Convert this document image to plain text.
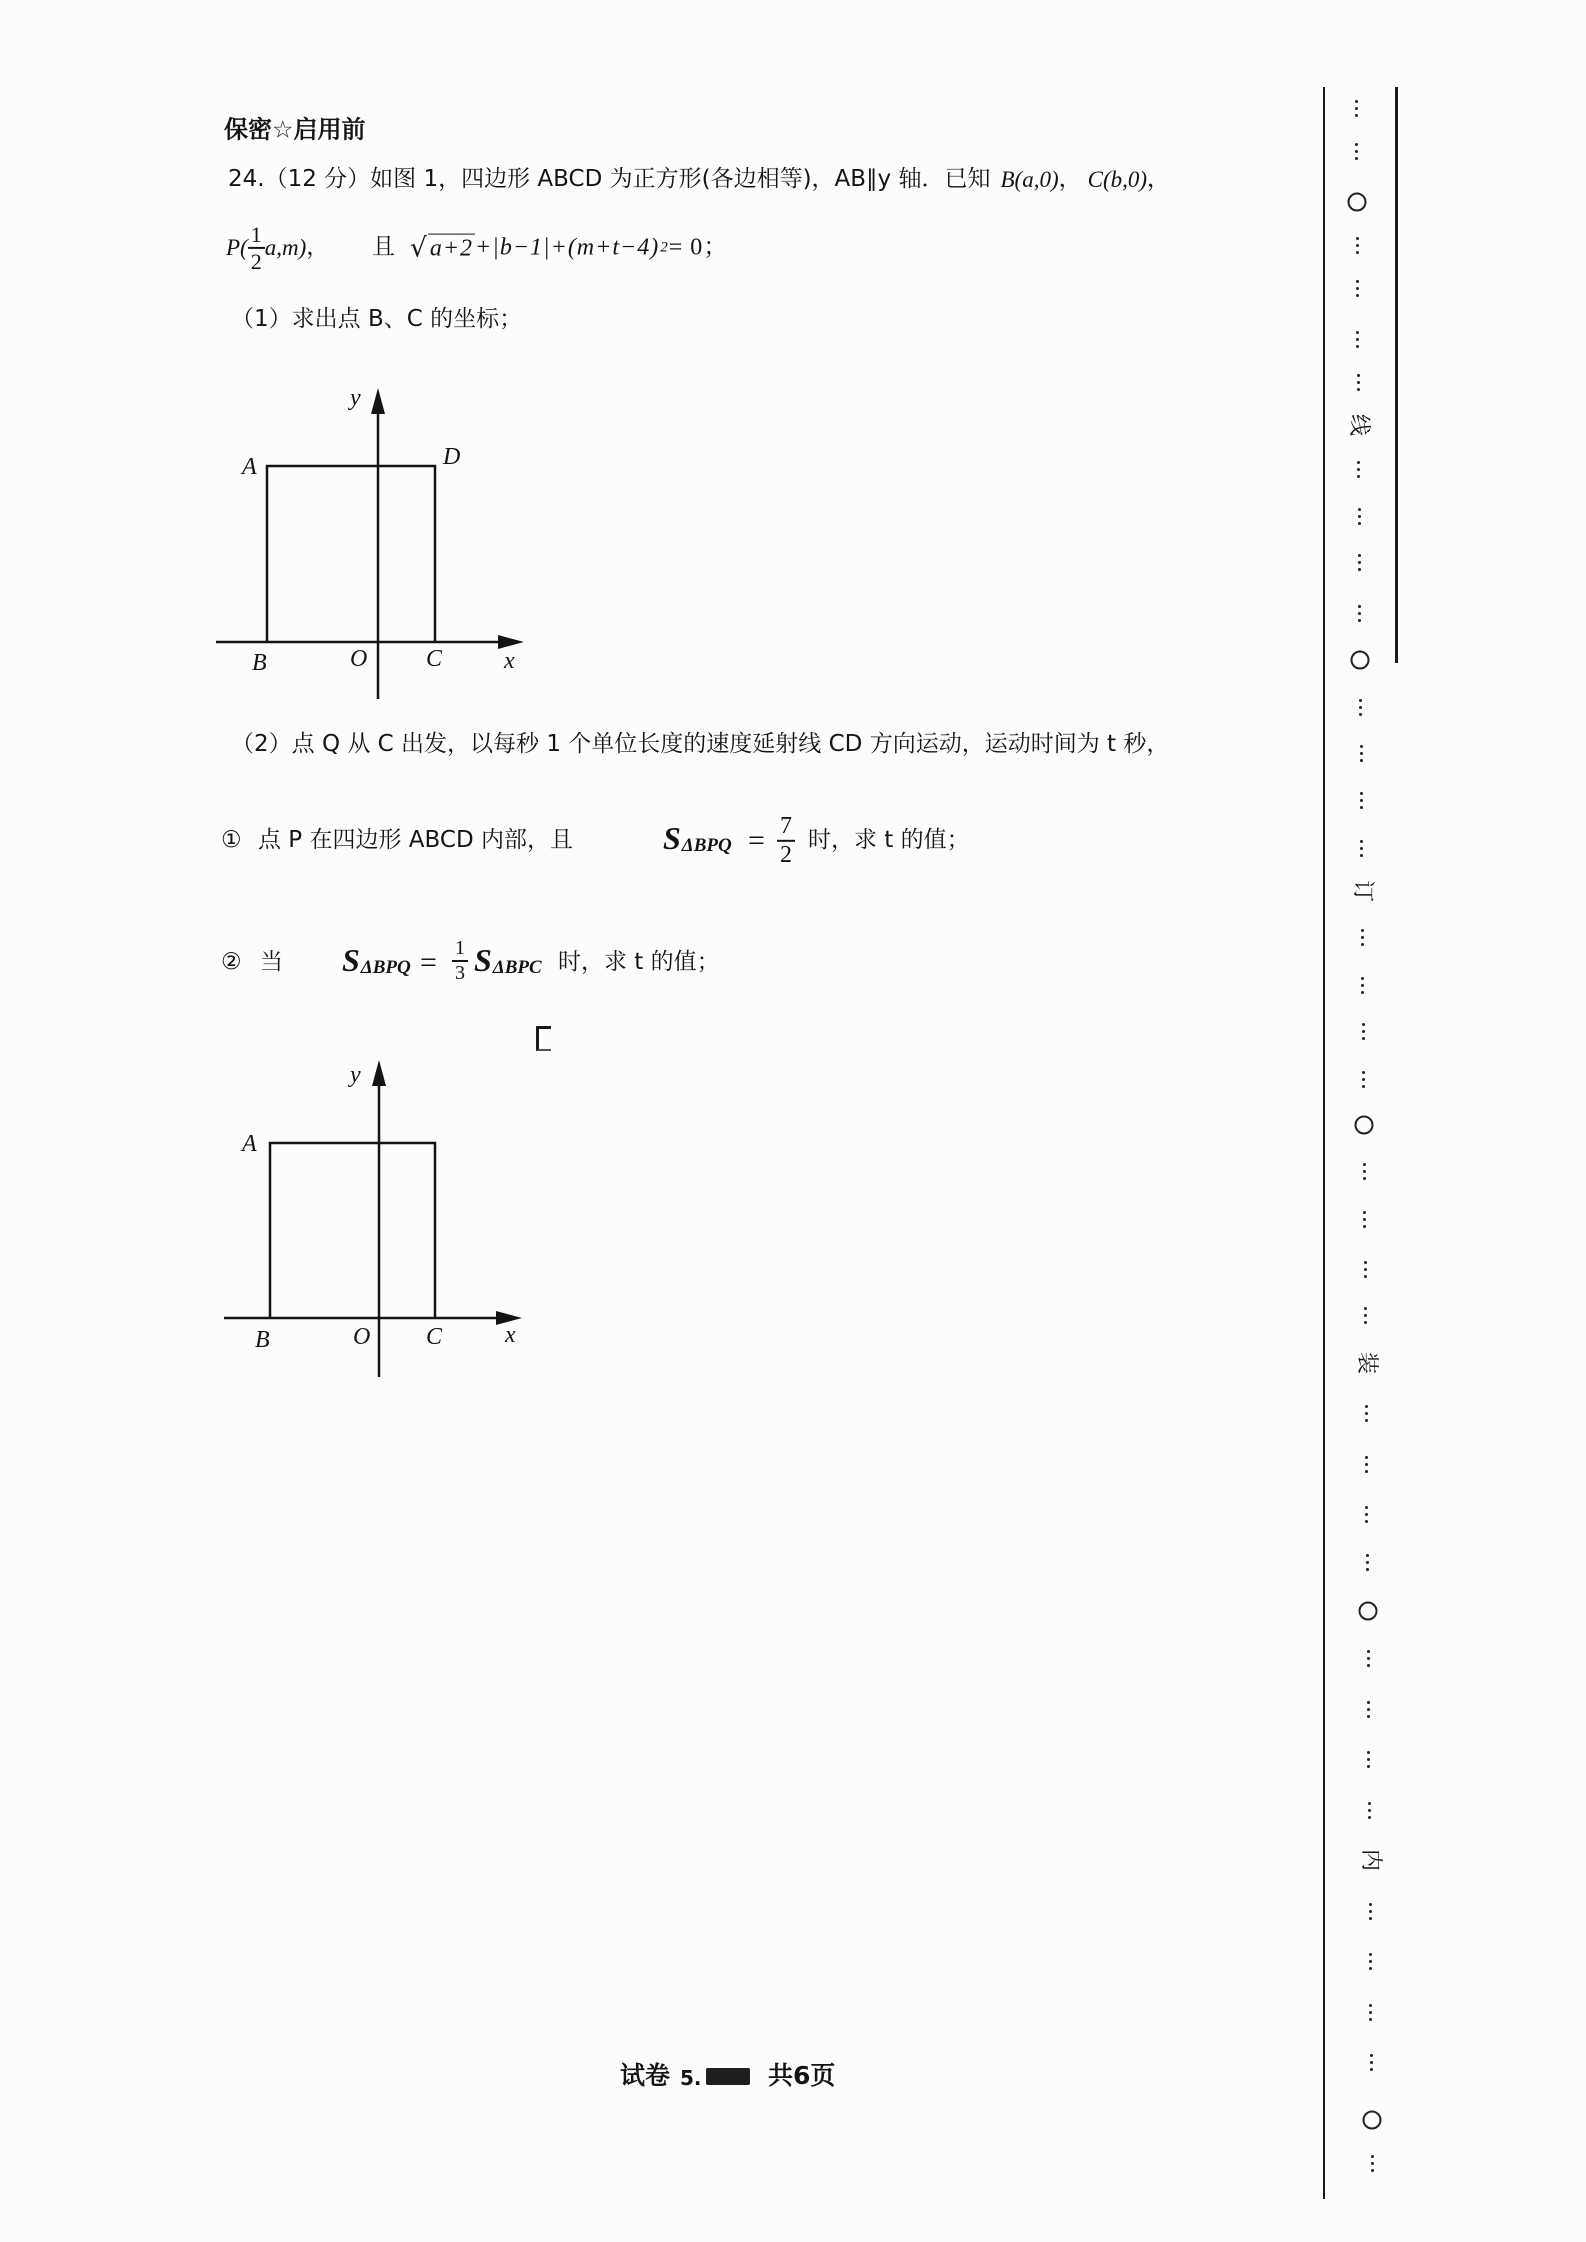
保密☆启用前
24.（12 分）如图 1，四边形 ABCD 为正方形(各边相等)，AB∥y 轴．已知 B(a,0) ， C(b,0) ，
$P( \frac{1}{2} a,m)$ ， 且 √ a+2 +|b−1|+(m+t−4) 2 = 0；
（1）求出点 B、C 的坐标；
y
A	D
B	O C	x
（2）点 Q 从 C 出发，以每秒 1 个单位长度的速度延射线 CD 方向运动，运动时间为 t 秒，
① 点 P 在四边形 ABCD 内部，且	S $\Delta BPQ = \frac{7}{2}$ 时，求 t 的值；
② 当 S $\Delta BPQ = \frac{1}{3}$ S ΔBPC 时，求 t 的值；
y
A
B	O C	x
试卷 5.	共6页
线
订
装
内
